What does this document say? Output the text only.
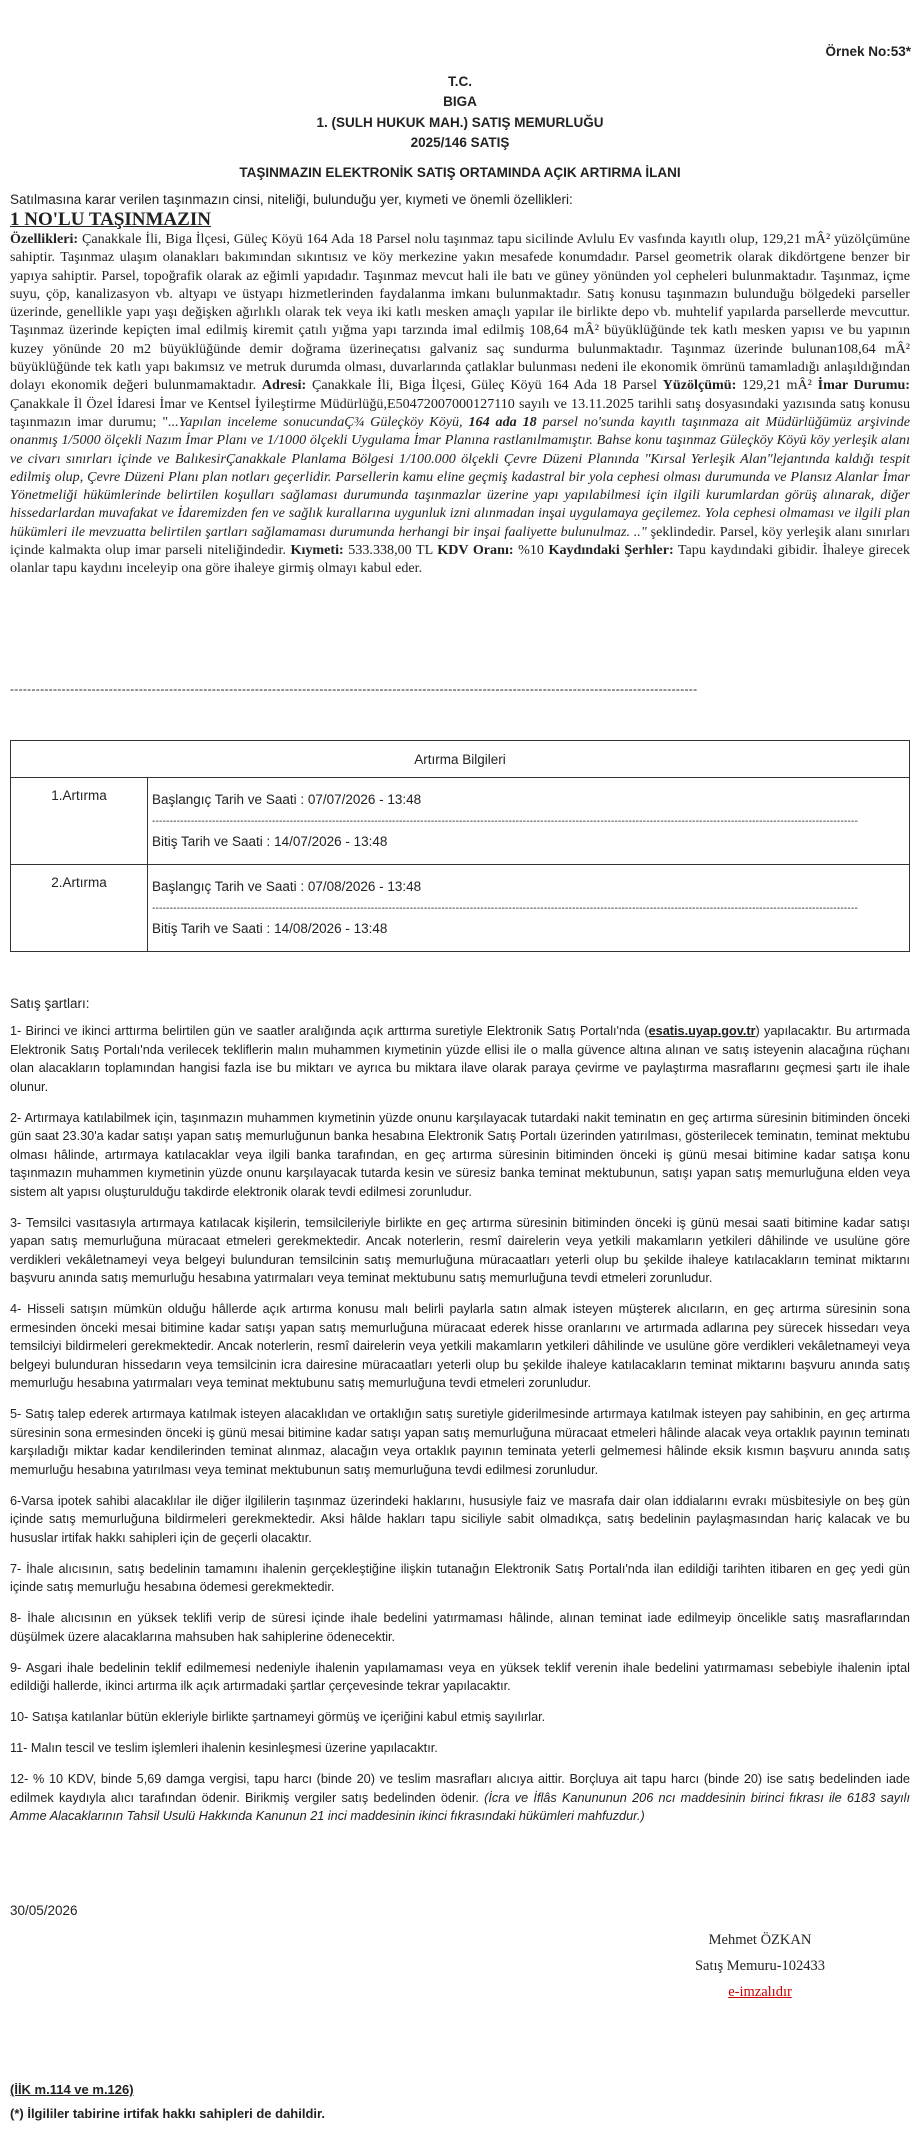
Örnek No:53*
T.C.
BIGA
1. (SULH HUKUK MAH.) SATIŞ MEMURLUĞU
2025/146 SATIŞ
TAŞINMAZIN ELEKTRONİK SATIŞ ORTAMINDA AÇIK ARTIRMA İLANI
Satılmasına karar verilen taşınmazın cinsi, niteliği, bulunduğu yer, kıymeti ve önemli özellikleri:
1 NO'LU TAŞINMAZIN

Özellikleri: Çanakkale İli, Biga İlçesi, Güleç Köyü 164 Ada 18 Parsel nolu taşınmaz tapu sicilinde Avlulu Ev vasfında kayıtlı olup, 129,21 mÂ² yüzölçümüne sahiptir. Taşınmaz ulaşım olanakları bakımından sıkıntısız ve köy merkezine yakın mesafede konumdadır. Parsel geometrik olarak dikdörtgene benzer bir yapıya sahiptir. Parsel, topoğrafik olarak az eğimli yapıdadır. Taşınmaz mevcut hali ile batı ve güney yönünden yol cepheleri bulunmaktadır. Taşınmaz, içme suyu, çöp, kanalizasyon vb. altyapı ve üstyapı hizmetlerinden faydalanma imkanı bulunmaktadır. Satış konusu taşınmazın bulunduğu bölgedeki parseller üzerinde, genellikle yapı yaşı değişken ağırlıklı olarak tek veya iki katlı mesken amaçlı yapılar ile birlikte depo vb. muhtelif yapılarda parsellerde mevcuttur. Taşınmaz üzerinde kepiçten imal edilmiş kiremit çatılı yığma yapı tarzında imal edilmiş 108,64 mÂ² büyüklüğünde tek katlı mesken yapısı ve bu yapının kuzey yönünde 20 m2 büyüklüğünde demir doğrama üzerineçatısı galvaniz saç sundurma bulunmaktadır. Taşınmaz üzerinde bulunan108,64 mÂ² büyüklüğünde tek katlı yapı bakımsız ve metruk durumda olması, duvarlarında çatlaklar bulunması nedeni ile ekonomik ömrünü tamamladığı anlaşıldığından dolayı ekonomik değeri bulunmamaktadır. Adresi: Çanakkale İli, Biga İlçesi, Güleç Köyü 164 Ada 18 Parsel Yüzölçümü: 129,21 mÂ² İmar Durumu: Çanakkale İl Özel İdaresi İmar ve Kentsel İyileştirme Müdürlüğü,E50472007000127110 sayılı ve 13.11.2025 tarihli satış dosyasındaki yazısında satış konusu taşınmazın imar durumu; "...Yapılan inceleme sonucundaÇ¾ Güleçköy Köyü, 164 ada 18 parsel no'sunda kayıtlı taşınmaza ait Müdürlüğümüz arşivinde onanmış 1/5000 ölçekli Nazım İmar Planı ve 1/1000 ölçekli Uygulama İmar Planına rastlanılmamıştır. Bahse konu taşınmaz Güleçköy Köyü köy yerleşik alanı ve civarı sınırları içinde ve BalıkesirÇanakkale Planlama Bölgesi 1/100.000 ölçekli Çevre Düzeni Planında "Kırsal Yerleşik Alan"lejantında kaldığı tespit edilmiş olup, Çevre Düzeni Planı plan notları geçerlidir. Parsellerin kamu eline geçmiş kadastral bir yola cephesi olması durumunda ve Plansız Alanlar İmar Yönetmeliği hükümlerinde belirtilen koşulları sağlaması durumunda taşınmazlar üzerine yapı yapılabilmesi için ilgili kurumlardan görüş alınarak, diğer hissedarlardan muvafakat ve İdaremizden fen ve sağlık kurallarına uygunluk izni alınmadan inşai uygulamaya geçilemez. Yola cephesi olmaması ve ilgili plan hükümleri ile mevzuatta belirtilen şartları sağlamaması durumunda herhangi bir inşai faaliyette bulunulmaz. .." şeklindedir. Parsel, köy yerleşik alanı sınırları içinde kalmakta olup imar parseli niteliğindedir. Kıymeti: 533.338,00 TL KDV Oranı: %10 Kaydındaki Şerhler: Tapu kaydındaki gibidir. İhaleye girecek olanlar tapu kaydını inceleyip ona göre ihaleye girmiş olmayı kabul eder.

----------------------------------------------------------------------------------------------------------------------------------------------------------------
Artırma Bilgileri	
1.Artırma	Başlangıç Tarih ve Saati : 07/07/2026 - 13:48
--------------------------------------------------------------------------------------------------------------------------------------------------------------------------------------------------------
Bitiş Tarih ve Saati : 14/07/2026 - 13:48

2.Artırma	Başlangıç Tarih ve Saati : 07/08/2026 - 13:48
--------------------------------------------------------------------------------------------------------------------------------------------------------------------------------------------------------
Bitiş Tarih ve Saati : 14/08/2026 - 13:48
Satış şartları:

1- Birinci ve ikinci arttırma belirtilen gün ve saatler aralığında açık arttırma suretiyle Elektronik Satış Portalı'nda (esatis.uyap.gov.tr) yapılacaktır. Bu artırmada Elektronik Satış Portalı'nda verilecek tekliflerin malın muhammen kıymetinin yüzde ellisi ile o malla güvence altına alınan ve satış isteyenin alacağına rüçhanı olan alacakların toplamından hangisi fazla ise bu miktarı ve ayrıca bu miktara ilave olarak paraya çevirme ve paylaştırma masraflarını geçmesi şartı ile ihale olunur.

2- Artırmaya katılabilmek için, taşınmazın muhammen kıymetinin yüzde onunu karşılayacak tutardaki nakit teminatın en geç artırma süresinin bitiminden önceki gün saat 23.30'a kadar satışı yapan satış memurluğunun banka hesabına Elektronik Satış Portalı üzerinden yatırılması, gösterilecek teminatın, teminat mektubu olması hâlinde, artırmaya katılacaklar veya ilgili banka tarafından, en geç artırma süresinin bitiminden önceki iş günü mesai bitimine kadar satışa konu taşınmazın muhammen kıymetinin yüzde onunu karşılayacak tutarda kesin ve süresiz banka teminat mektubunun, satışı yapan satış memurluğuna elden veya sistem alt yapısı oluşturulduğu takdirde elektronik olarak tevdi edilmesi zorunludur.

3- Temsilci vasıtasıyla artırmaya katılacak kişilerin, temsilcileriyle birlikte en geç artırma süresinin bitiminden önceki iş günü mesai saati bitimine kadar satışı yapan satış memurluğuna müracaat etmeleri gerekmektedir. Ancak noterlerin, resmî dairelerin veya yetkili makamların yetkileri dâhilinde ve usulüne göre verdikleri vekâletnameyi veya belgeyi bulunduran temsilcinin satış memurluğuna müracaatları yeterli olup bu şekilde ihaleye katılacakların teminat miktarını başvuru anında satış memurluğu hesabına yatırmaları veya teminat mektubunu satış memurluğuna tevdi etmeleri zorunludur.

4- Hisseli satışın mümkün olduğu hâllerde açık artırma konusu malı belirli paylarla satın almak isteyen müşterek alıcıların, en geç artırma süresinin sona ermesinden önceki mesai bitimine kadar satışı yapan satış memurluğuna müracaat ederek hisse oranlarını ve artırmada adlarına pey sürecek hissedarı veya temsilciyi bildirmeleri gerekmektedir. Ancak noterlerin, resmî dairelerin veya yetkili makamların yetkileri dâhilinde ve usulüne göre verdikleri vekâletnameyi veya belgeyi bulunduran hissedarın veya temsilcinin icra dairesine müracaatları yeterli olup bu şekilde ihaleye katılacakların teminat miktarını başvuru anında satış memurluğu hesabına yatırmaları veya teminat mektubunu satış memurluğuna tevdi etmeleri zorunludur.

5- Satış talep ederek artırmaya katılmak isteyen alacaklıdan ve ortaklığın satış suretiyle giderilmesinde artırmaya katılmak isteyen pay sahibinin, en geç artırma süresinin sona ermesinden önceki iş günü mesai bitimine kadar satışı yapan satış memurluğuna müracaat etmeleri hâlinde alacak veya ortaklık payının teminatı karşıladığı miktar kadar kendilerinden teminat alınmaz, alacağın veya ortaklık payının teminata yeterli gelmemesi hâlinde eksik kısmın başvuru anında satış memurluğu hesabına yatırılması veya teminat mektubunun satış memurluğuna tevdi edilmesi zorunludur.

6-Varsa ipotek sahibi alacaklılar ile diğer ilgililerin taşınmaz üzerindeki haklarını, hususiyle faiz ve masrafa dair olan iddialarını evrakı müsbitesiyle on beş gün içinde satış memurluğuna bildirmeleri gerekmektedir. Aksi hâlde hakları tapu siciliyle sabit olmadıkça, satış bedelinin paylaşmasından hariç kalacak ve bu hususlar irtifak hakkı sahipleri için de geçerli olacaktır.

7- İhale alıcısının, satış bedelinin tamamını ihalenin gerçekleştiğine ilişkin tutanağın Elektronik Satış Portalı'nda ilan edildiği tarihten itibaren en geç yedi gün içinde satış memurluğu hesabına ödemesi gerekmektedir.

8- İhale alıcısının en yüksek teklifi verip de süresi içinde ihale bedelini yatırmaması hâlinde, alınan teminat iade edilmeyip öncelikle satış masraflarından düşülmek üzere alacaklarına mahsuben hak sahiplerine ödenecektir.

9- Asgari ihale bedelinin teklif edilmemesi nedeniyle ihalenin yapılamaması veya en yüksek teklif verenin ihale bedelini yatırmaması sebebiyle ihalenin iptal edildiği hallerde, ikinci artırma ilk açık artırmadaki şartlar çerçevesinde tekrar yapılacaktır.

10- Satışa katılanlar bütün ekleriyle birlikte şartnameyi görmüş ve içeriğini kabul etmiş sayılırlar.

11- Malın tescil ve teslim işlemleri ihalenin kesinleşmesi üzerine yapılacaktır.

12- % 10 KDV, binde 5,69 damga vergisi, tapu harcı (binde 20) ve teslim masrafları alıcıya aittir. Borçluya ait tapu harcı (binde 20) ise satış bedelinden iade edilmek kaydıyla alıcı tarafından ödenir. Birikmiş vergiler satış bedelinden ödenir. (İcra ve İflâs Kanununun 206 ncı maddesinin birinci fıkrası ile 6183 sayılı Amme Alacaklarının Tahsil Usulü Hakkında Kanunun 21 inci maddesinin ikinci fıkrasındaki hükümleri mahfuzdur.)

30/05/2026
Mehmet ÖZKAN
Satış Memuru-102433
e-imzalıdır
(İİK m.114 ve m.126)
(*) İlgililer tabirine irtifak hakkı sahipleri de dahildir.
